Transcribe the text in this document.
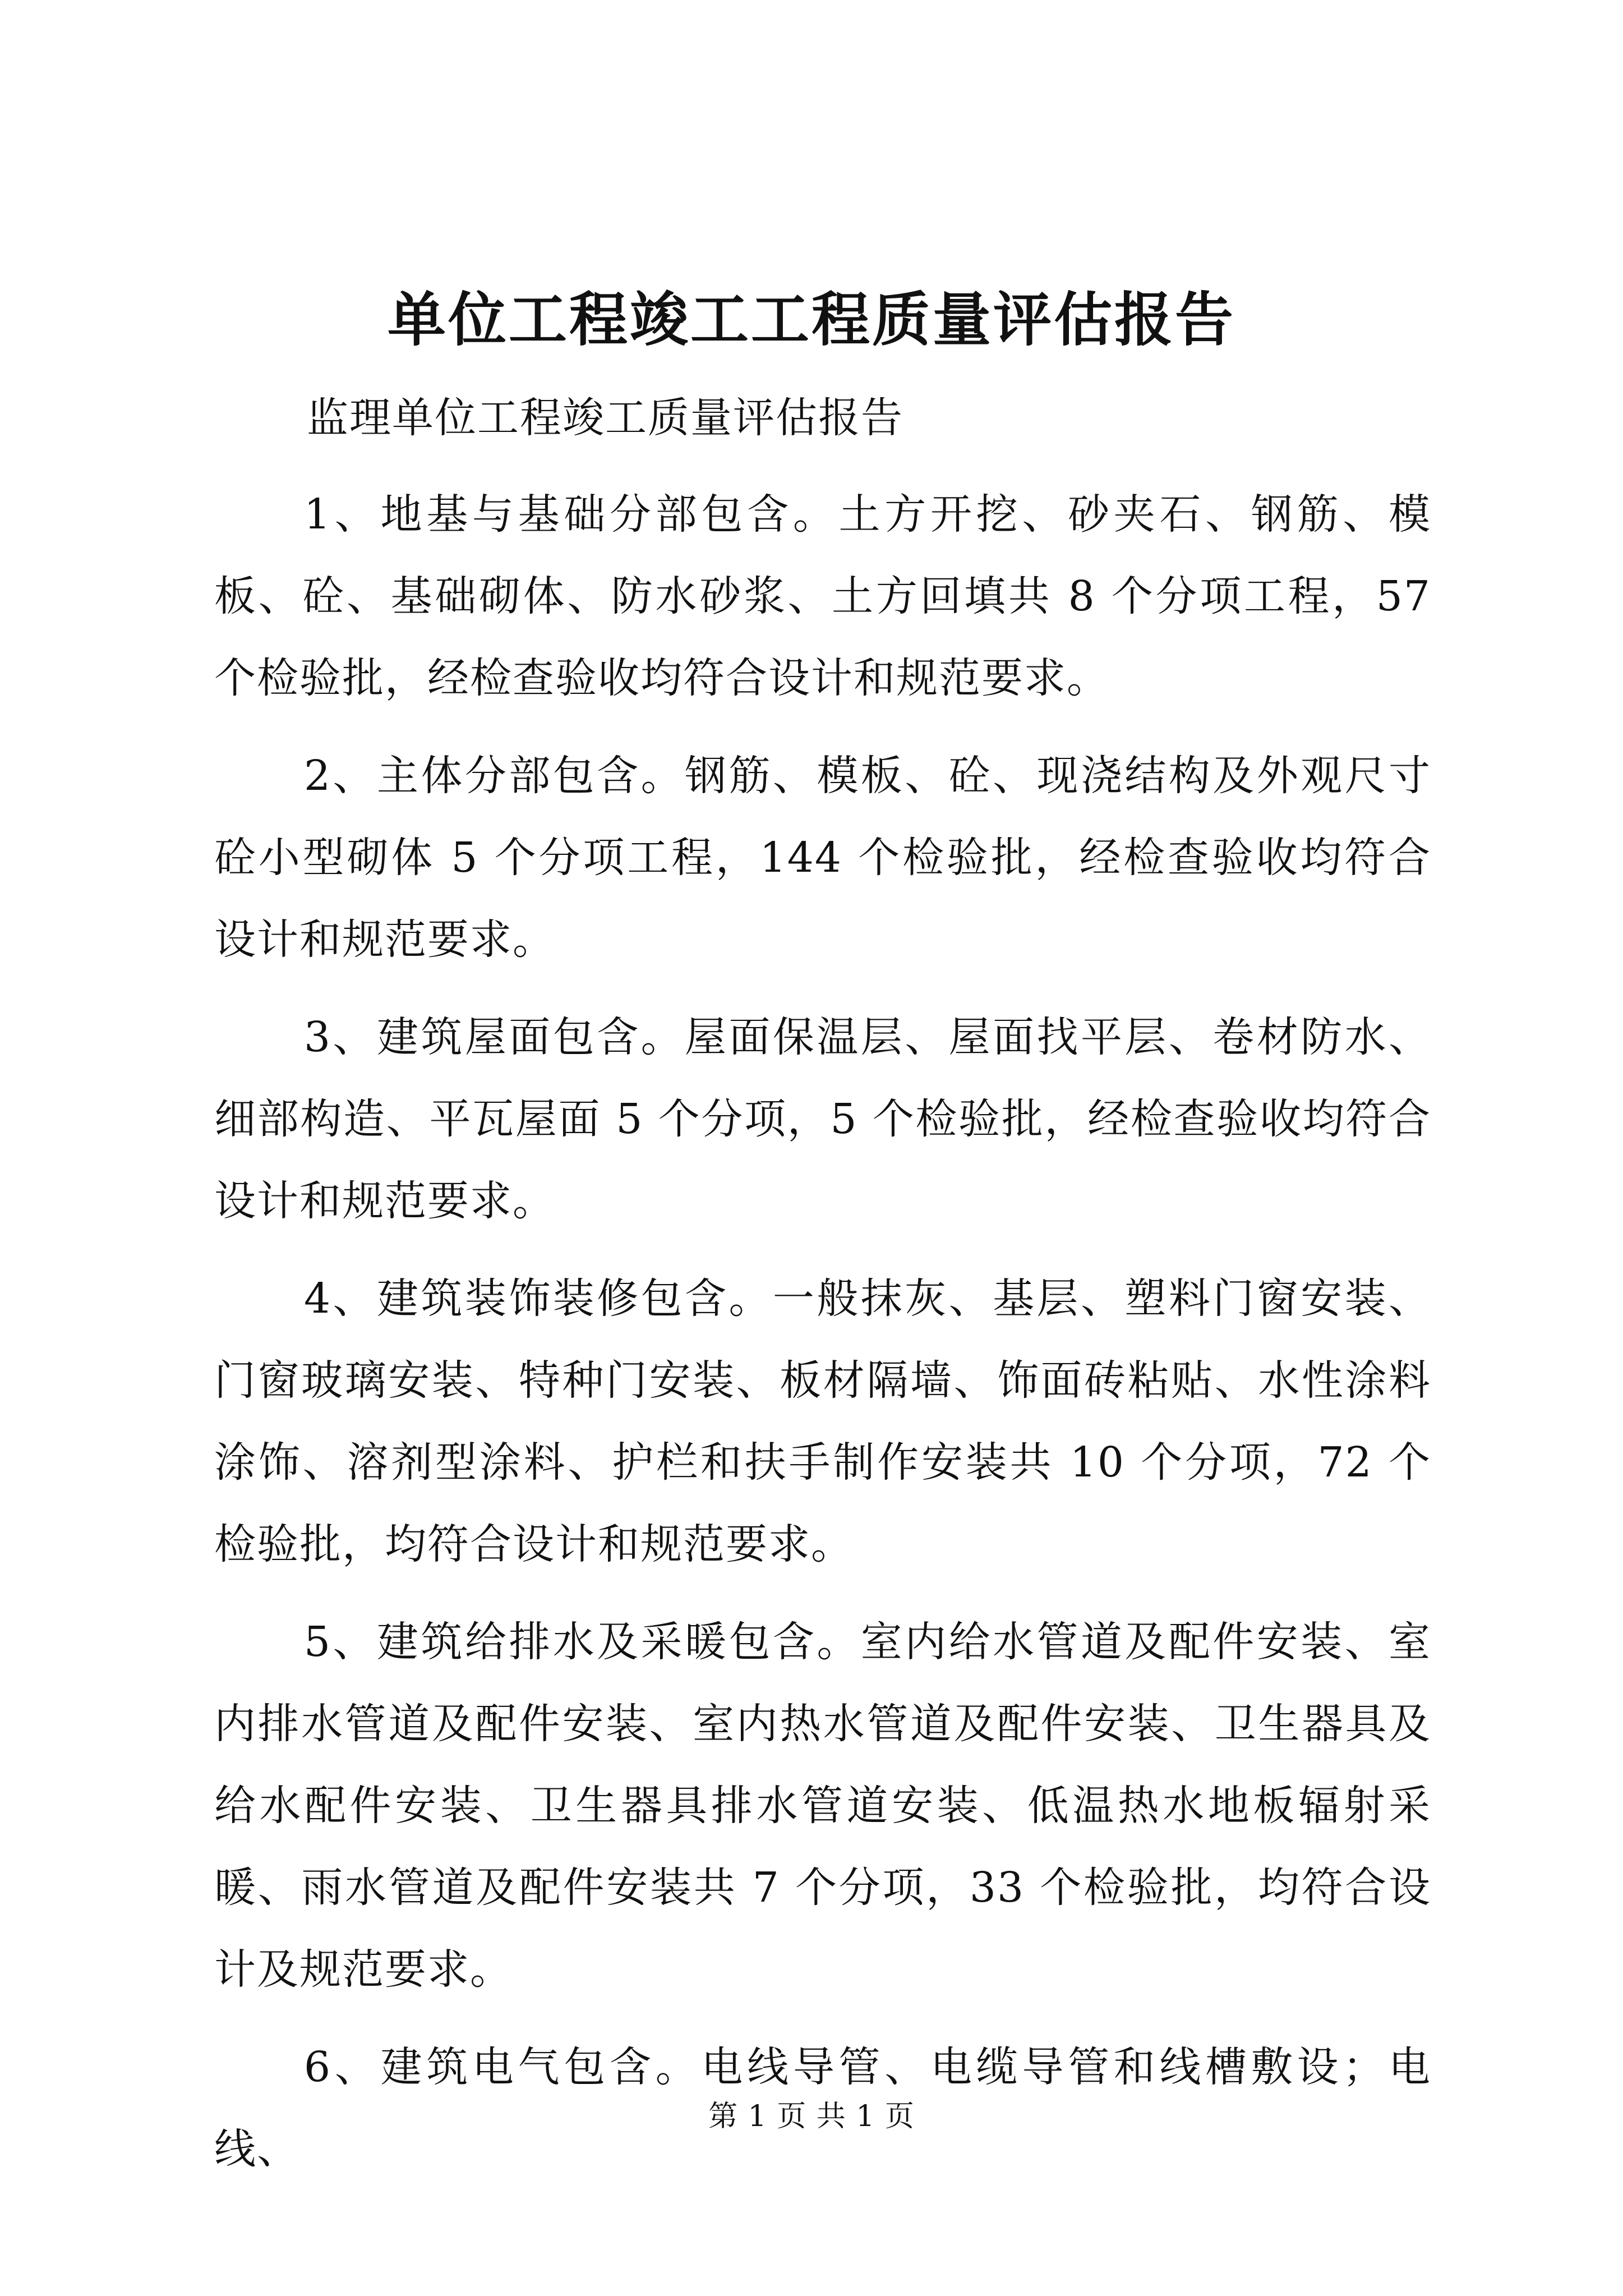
单位工程竣工工程质量评估报告

监理单位工程竣工质量评估报告

1、地基与基础分部包含。土方开挖、砂夹石、钢筋、模板、砼、基础砌体、防水砂浆、土方回填共 8 个分项工程，57 个检验批，经检查验收均符合设计和规范要求。

2、主体分部包含。钢筋、模板、砼、现浇结构及外观尺寸砼小型砌体 5 个分项工程，144 个检验批，经检查验收均符合设计和规范要求。

3、建筑屋面包含。屋面保温层、屋面找平层、卷材防水、细部构造、平瓦屋面 5 个分项，5 个检验批，经检查验收均符合设计和规范要求。

4、建筑装饰装修包含。一般抹灰、基层、塑料门窗安装、门窗玻璃安装、特种门安装、板材隔墙、饰面砖粘贴、水性涂料涂饰、溶剂型涂料、护栏和扶手制作安装共 10 个分项，72 个检验批，均符合设计和规范要求。

5、建筑给排水及采暖包含。室内给水管道及配件安装、室内排水管道及配件安装、室内热水管道及配件安装、卫生器具及给水配件安装、卫生器具排水管道安装、低温热水地板辐射采暖、雨水管道及配件安装共 7 个分项，33 个检验批，均符合设计及规范要求。

6、建筑电气包含。电线导管、电缆导管和线槽敷设；电线、

第 1 页 共 1 页
